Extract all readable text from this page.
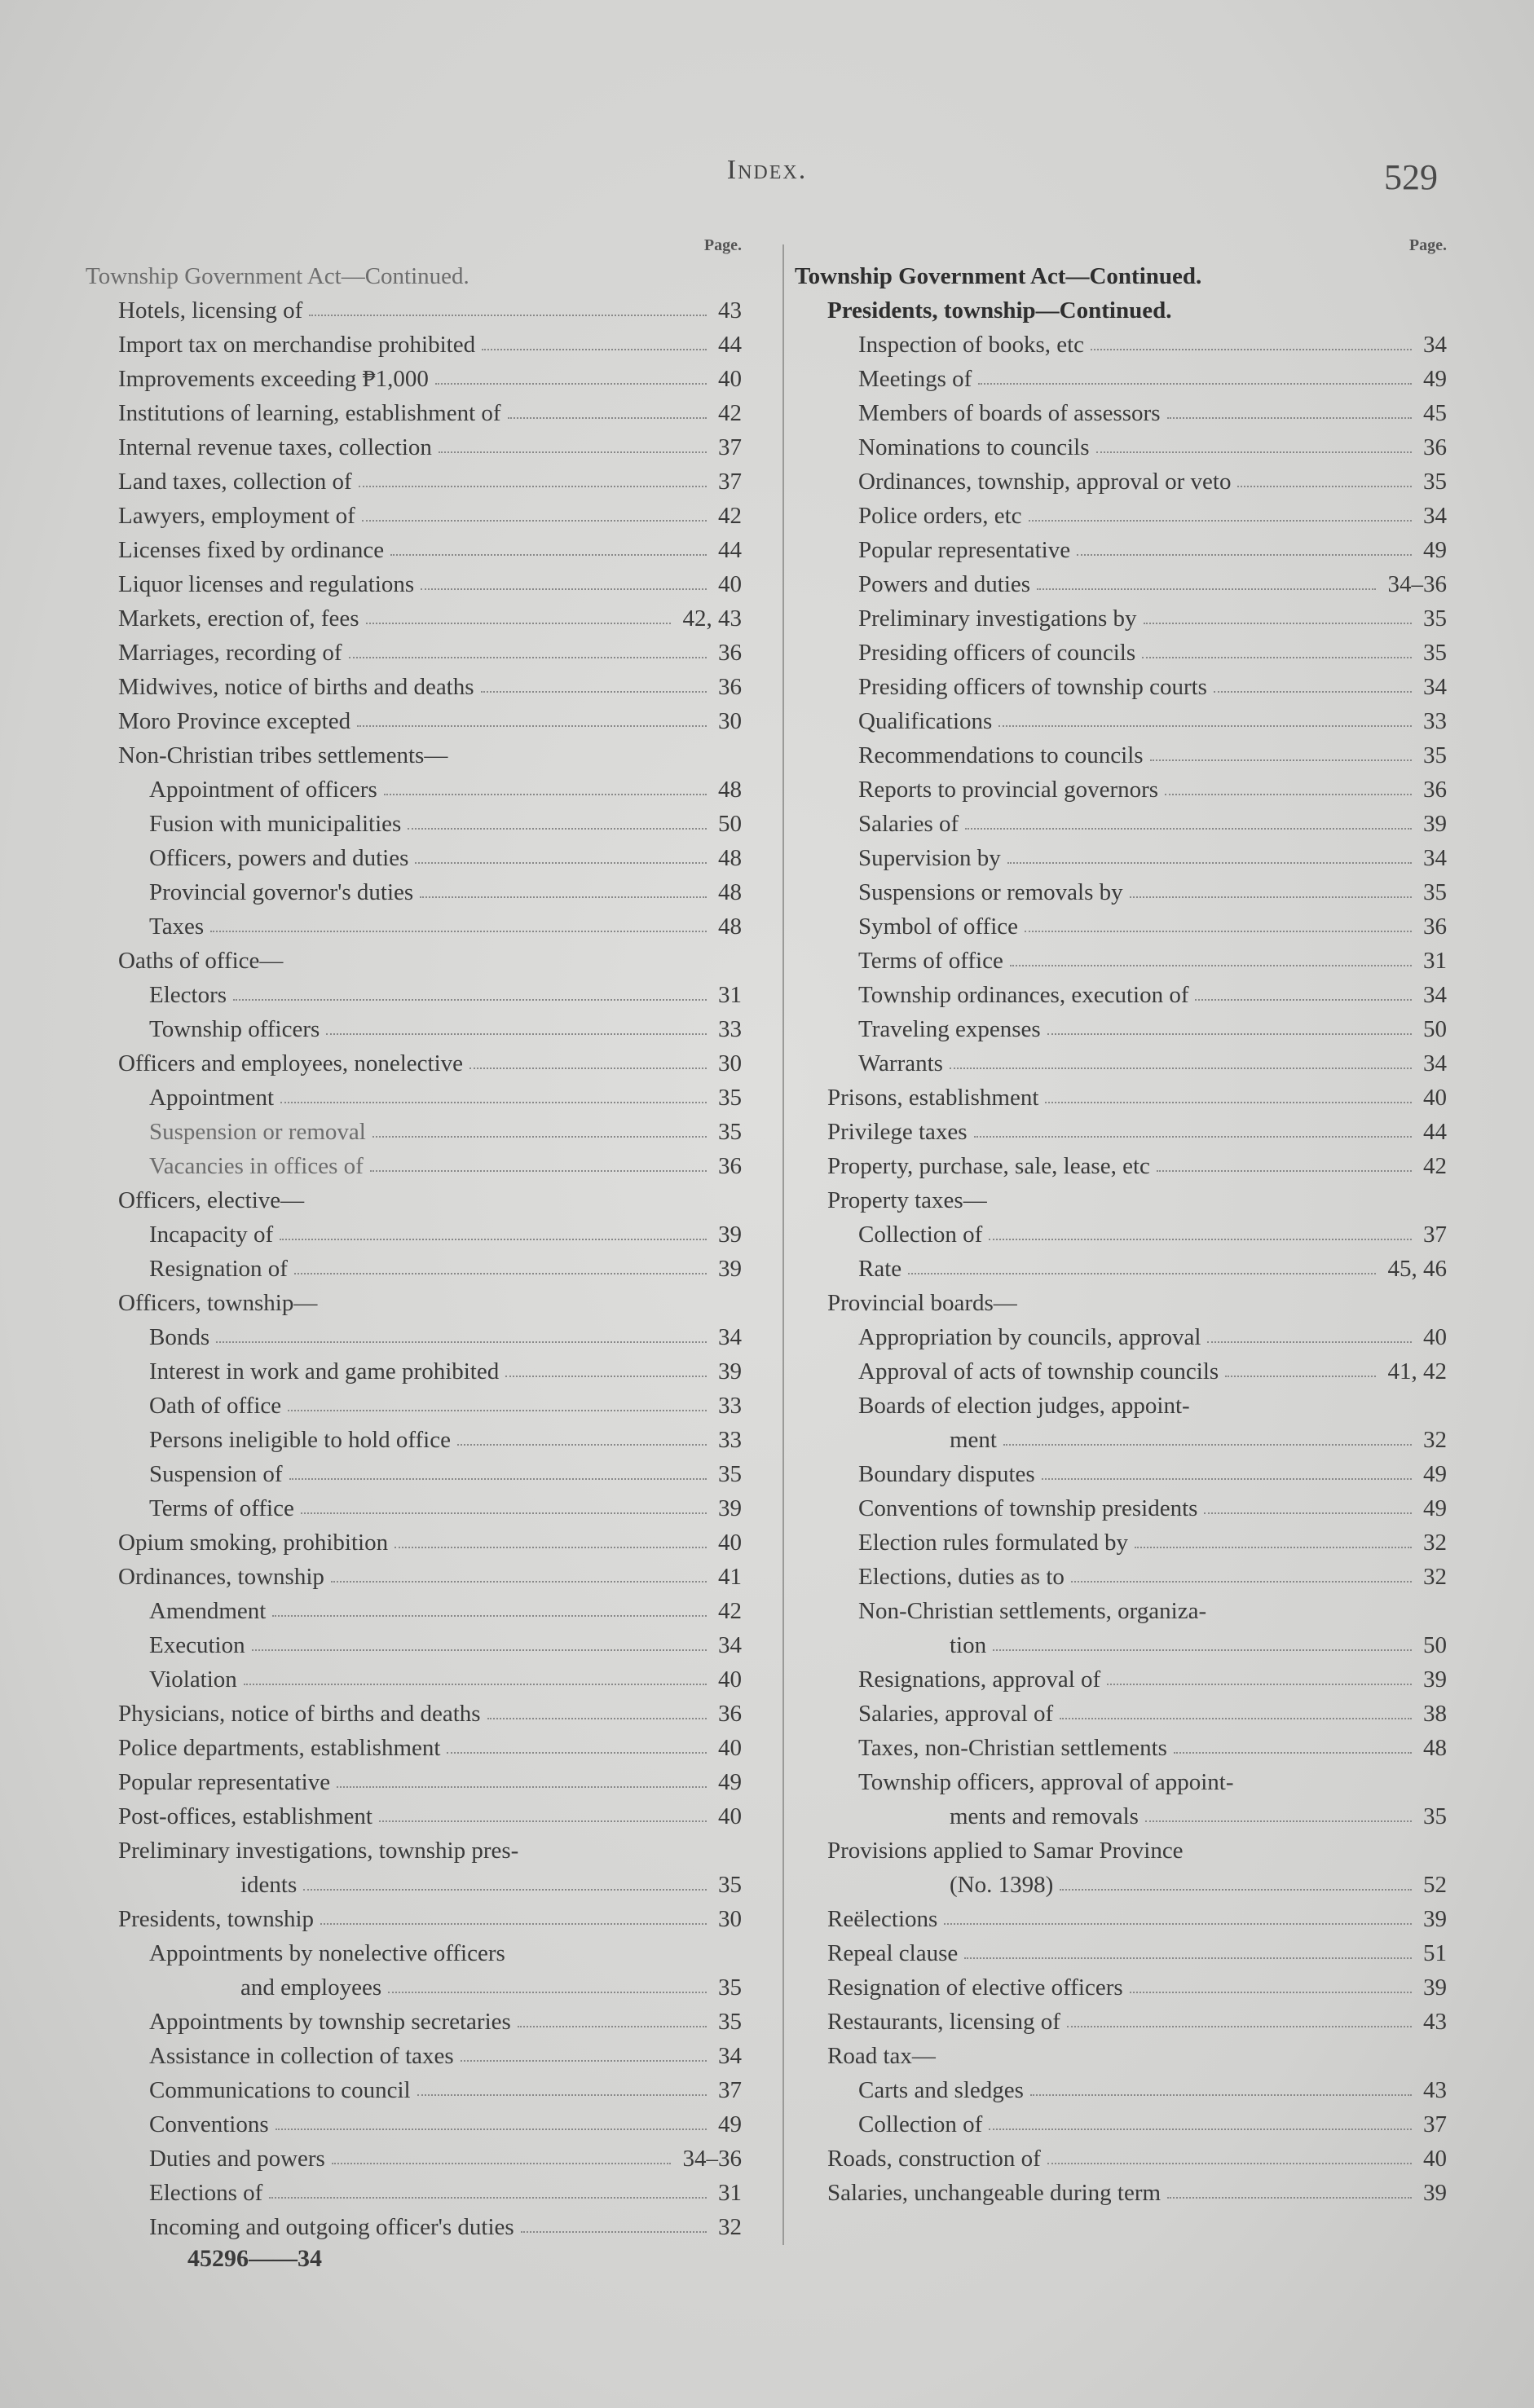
Index.	529
Page.
Township Government Act—Continued.
Hotels, licensing of	43
Import tax on merchandise prohibited	44
Improvements exceeding ₱1,000	40
Institutions of learning, establishment of	42
Internal revenue taxes, collection	37
Land taxes, collection of	37
Lawyers, employment of	42
Licenses fixed by ordinance	44
Liquor licenses and regulations	40
Markets, erection of, fees	42, 43
Marriages, recording of	36
Midwives, notice of births and deaths	36
Moro Province excepted	30
Non-Christian tribes settlements—
Appointment of officers	48
Fusion with municipalities	50
Officers, powers and duties	48
Provincial governor's duties	48
Taxes	48
Oaths of office—
Electors	31
Township officers	33
Officers and employees, nonelective	30
Appointment	35
Suspension or removal	35
Vacancies in offices of	36
Officers, elective—
Incapacity of	39
Resignation of	39
Officers, township—
Bonds	34
Interest in work and game prohibited	39
Oath of office	33
Persons ineligible to hold office	33
Suspension of	35
Terms of office	39
Opium smoking, prohibition	40
Ordinances, township	41
Amendment	42
Execution	34
Violation	40
Physicians, notice of births and deaths	36
Police departments, establishment	40
Popular representative	49
Post-offices, establishment	40
Preliminary investigations, township pres-
idents	35
Presidents, township	30
Appointments by nonelective officers
and employees	35
Appointments by township secretaries	35
Assistance in collection of taxes	34
Communications to council	37
Conventions	49
Duties and powers	34–36
Elections of	31
Incoming and outgoing officer's duties	32
Page.
Township Government Act—Continued.
Presidents, township—Continued.
Inspection of books, etc	34
Meetings of	49
Members of boards of assessors	45
Nominations to councils	36
Ordinances, township, approval or veto	35
Police orders, etc	34
Popular representative	49
Powers and duties	34–36
Preliminary investigations by	35
Presiding officers of councils	35
Presiding officers of township courts	34
Qualifications	33
Recommendations to councils	35
Reports to provincial governors	36
Salaries of	39
Supervision by	34
Suspensions or removals by	35
Symbol of office	36
Terms of office	31
Township ordinances, execution of	34
Traveling expenses	50
Warrants	34
Prisons, establishment	40
Privilege taxes	44
Property, purchase, sale, lease, etc	42
Property taxes—
Collection of	37
Rate	45, 46
Provincial boards—
Appropriation by councils, approval	40
Approval of acts of township councils	41, 42
Boards of election judges, appoint-
ment	32
Boundary disputes	49
Conventions of township presidents	49
Election rules formulated by	32
Elections, duties as to	32
Non-Christian settlements, organiza-
tion	50
Resignations, approval of	39
Salaries, approval of	38
Taxes, non-Christian settlements	48
Township officers, approval of appoint-
ments and removals	35
Provisions applied to Samar Province
(No. 1398)	52
Reëlections	39
Repeal clause	51
Resignation of elective officers	39
Restaurants, licensing of	43
Road tax—
Carts and sledges	43
Collection of	37
Roads, construction of	40
Salaries, unchangeable during term	39
45296——34
